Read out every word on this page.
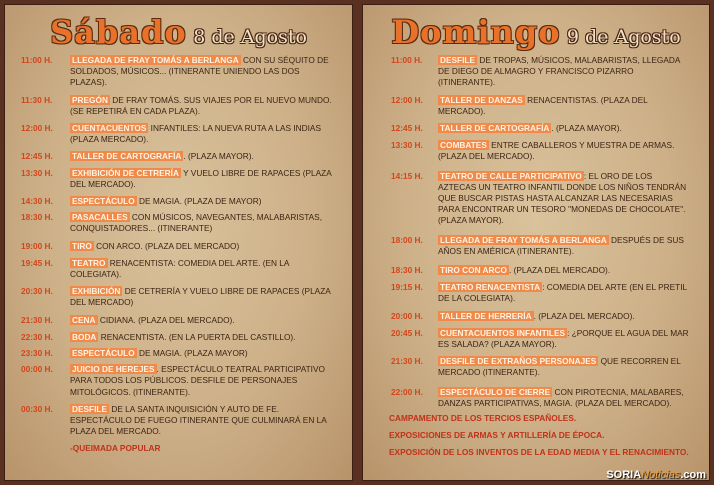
Sábado 8 de Agosto
11:00 H.	LLEGADA DE FRAY TOMÁS A BERLANGA CON SU SÉQUITO DE SOLDADOS, MÚSICOS... (ITINERANTE UNIENDO LAS DOS PLAZAS).
11:30 H.	PREGÓN DE FRAY TOMÁS. SUS VIAJES POR EL NUEVO MUNDO. (SE REPETIRÁ EN CADA PLAZA).
12:00 H.	CUENTACUENTOS INFANTILES: LA NUEVA RUTA A LAS INDIAS (PLAZA MERCADO).
12:45 H.	TALLER DE CARTOGRAFÍA . (PLAZA MAYOR).
13:30 H.	EXHIBICIÓN DE CETRERÍA Y VUELO LIBRE DE RAPACES (PLAZA DEL MERCADO).
14:30 H.	ESPECTÁCULO DE MAGIA. (PLAZA DE MAYOR)
18:30 H.	PASACALLES CON MÚSICOS, NAVEGANTES, MALABARISTAS, CONQUISTADORES... (ITINERANTE)
19:00 H.	TIRO CON ARCO. (PLAZA DEL MERCADO)
19:45 H.	TEATRO RENACENTISTA: COMEDIA DEL ARTE. (EN LA COLEGIATA).
20:30 H.	EXHIBICIÓN DE CETRERÍA Y VUELO LIBRE DE RAPACES (PLAZA DEL MERCADO)
21:30 H.	CENA CIDIANA. (PLAZA DEL MERCADO).
22:30 H.	BODA RENACENTISTA. (EN LA PUERTA DEL CASTILLO).
23:30 H.	ESPECTÁCULO DE MAGIA. (PLAZA MAYOR)
00:00 H.	JUICIO DE HEREJES . ESPECTÁCULO TEATRAL PARTICIPATIVO PARA TODOS LOS PÚBLICOS. DESFILE DE PERSONAJES MITOLÓGICOS. (ITINERANTE).
00:30 H.	DESFILE DE LA SANTA INQUISICIÓN Y AUTO DE FE. ESPECTÁCULO DE FUEGO ITINERANTE QUE CULMINARÁ EN LA PLAZA DEL MERCADO.
-QUEIMADA POPULAR
Domingo 9 de Agosto
11:00 H.	DESFILE DE TROPAS, MÚSICOS, MALABARISTAS, LLEGADA DE DIEGO DE ALMAGRO Y FRANCISCO PIZARRO (ITINERANTE).
12:00 H.	TALLER DE DANZAS RENACENTISTAS. (PLAZA DEL MERCADO).
12:45 H.	TALLER DE CARTOGRAFÍA . (PLAZA MAYOR).
13:30 H.	COMBATES ENTRE CABALLEROS Y MUESTRA DE ARMAS. (PLAZA DEL MERCADO).
14:15 H.	TEATRO DE CALLE PARTICIPATIVO : EL ORO DE LOS AZTECAS UN TEATRO INFANTIL DONDE LOS NIÑOS TENDRÁN QUE BUSCAR PISTAS HASTA ALCANZAR LAS NECESARIAS PARA ENCONTRAR UN TESORO "MONEDAS DE CHOCOLATE". (PLAZA MAYOR).
18:00 H.	LLEGADA DE FRAY TOMÁS A BERLANGA DESPUÉS DE SUS AÑOS EN AMÉRICA (ITINERANTE).
18:30 H.	TIRO CON ARCO . (PLAZA DEL MERCADO).
19:15 H.	TEATRO RENACENTISTA : COMEDIA DEL ARTE (EN EL PRETIL DE LA COLEGIATA).
20:00 H.	TALLER DE HERRERÍA . (PLAZA DEL MERCADO).
20:45 H.	CUENTACUENTOS INFANTILES : ¿PORQUE EL AGUA DEL MAR ES SALADA? (PLAZA MAYOR).
21:30 H.	DESFILE DE EXTRAÑOS PERSONAJES QUE RECORREN EL MERCADO (ITINERANTE).
22:00 H.	ESPECTÁCULO DE CIERRE CON PIROTECNIA, MALABARES, DANZAS PARTICIPATIVAS, MAGIA. (PLAZA DEL MERCADO).
CAMPAMENTO DE LOS TERCIOS ESPAÑOLES.
EXPOSICIONES DE ARMAS Y ARTILLERÍA DE ÉPOCA.
EXPOSICIÓN DE LOS INVENTOS DE LA EDAD MEDIA Y EL RENACIMIENTO.
SORIANoticias.com
